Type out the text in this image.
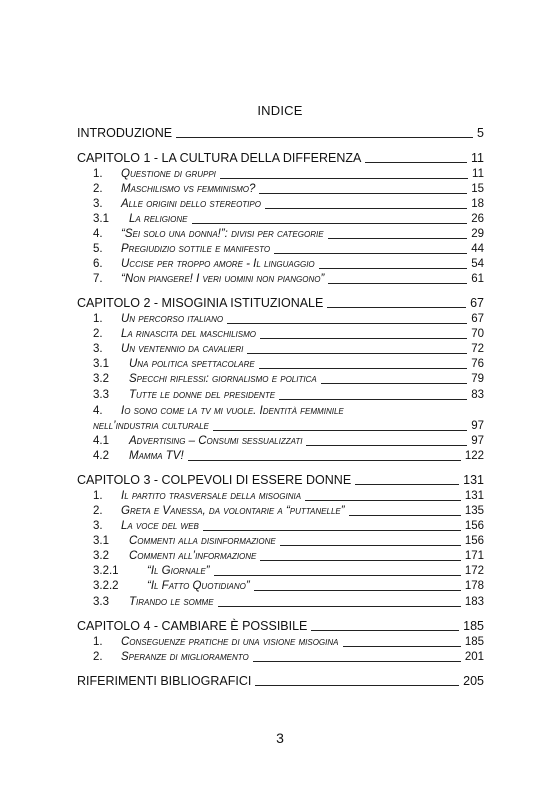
INDICE
INTRODUZIONE	5
CAPITOLO 1 - LA CULTURA DELLA DIFFERENZA	11
1.	Questione di gruppi	11
2.	Maschilismo vs femminismo?	15
3.	Alle origini dello stereotipo	18
3.1	La religione	26
4.	“Sei solo una donna!”: divisi per categorie	29
5.	Pregiudizio sottile e manifesto	44
6.	Uccise per troppo amore - Il linguaggio	54
7.	“Non piangere! I veri uomini non piangono”	61
CAPITOLO 2 - MISOGINIA ISTITUZIONALE	67
1.	Un percorso italiano	67
2.	La rinascita del maschilismo	70
3.	Un ventennio da cavalieri	72
3.1	Una politica spettacolare	76
3.2	Specchi riflessi: giornalismo e politica	79
3.3	Tutte le donne del presidente	83
4.	Io sono come la tv mi vuole. Identità femminile
nell’industria culturale	97
4.1	Advertising – Consumi sessualizzati	97
4.2	Mamma TV!	122
CAPITOLO 3 - COLPEVOLI DI ESSERE DONNE	131
1.	Il partito trasversale della misoginia	131
2.	Greta e Vanessa, da volontarie a “puttanelle”	135
3.	La voce del web	156
3.1	Commenti alla disinformazione	156
3.2	Commenti all’informazione	171
3.2.1	“Il Giornale”	172
3.2.2	“Il Fatto Quotidiano”	178
3.3	Tirando le somme	183
CAPITOLO 4 - CAMBIARE È POSSIBILE	185
1.	Conseguenze pratiche di una visione misogina	185
2.	Speranze di miglioramento	201
RIFERIMENTI BIBLIOGRAFICI	205
3
